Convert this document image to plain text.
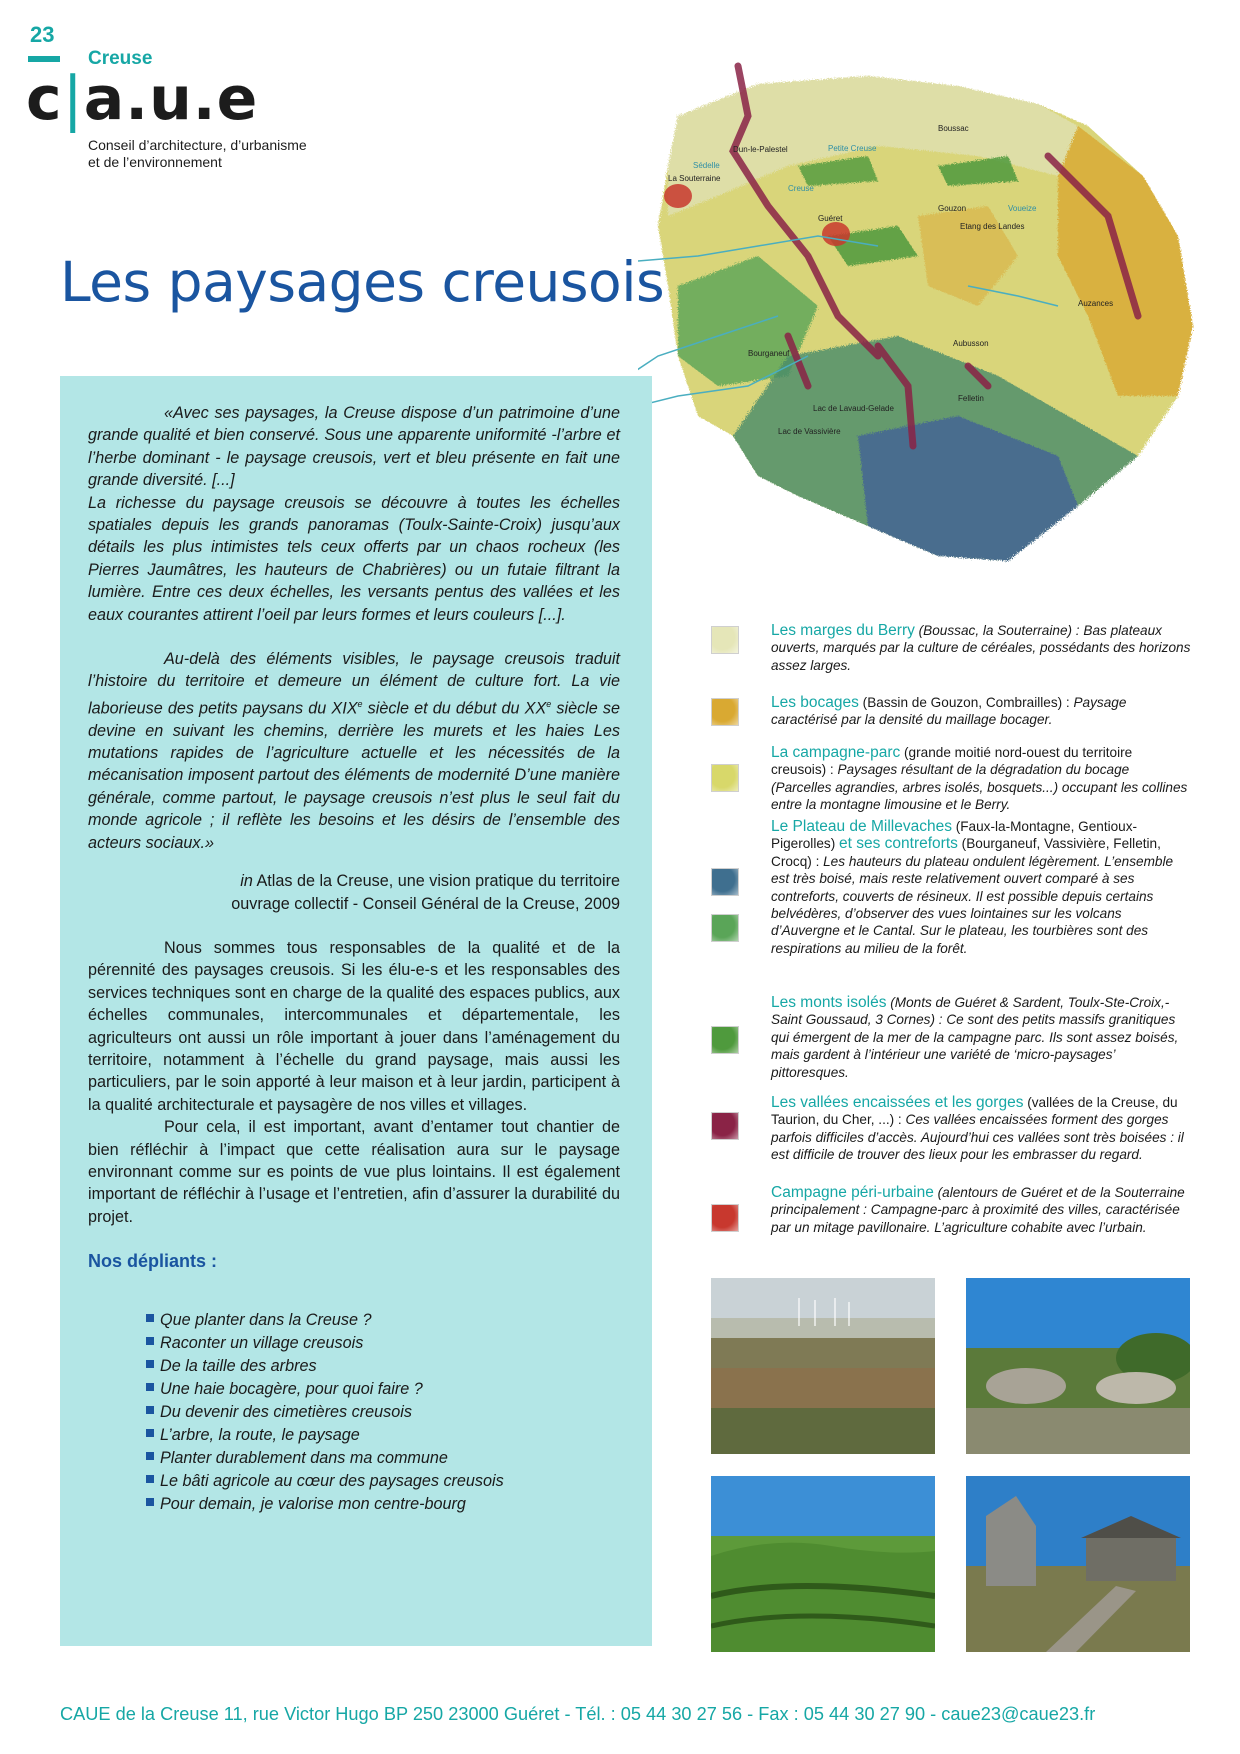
23
Creuse
c|a.u.e
Conseil d’architecture, d’urbanisme
et de l’environnement
Les paysages creusois
Boussac
Dun-le-Palestel
La Souterraine
Guéret
Gouzon
Etang des Landes
Auzances
Aubusson
Felletin
Bourganeuf
Lac de Vassivière
Lac de Lavaud-Gelade
Sédelle
Petite Creuse
Creuse
Voueize

«Avec ses paysages, la Creuse dispose d’un patrimoine d’une grande qualité et bien conservé. Sous une apparente uniformité -l’arbre et l’herbe dominant - le paysage creusois, vert et bleu présente en fait une grande diversité. [...]

La richesse du paysage creusois se découvre à toutes les échelles spatiales depuis les grands panoramas (Toulx-Sainte-Croix) jusqu’aux détails les plus intimistes tels ceux offerts par un chaos rocheux (les Pierres Jaumâtres, les hauteurs de Chabrières) ou un futaie filtrant la lumière. Entre ces deux échelles, les versants pentus des vallées et les eaux courantes attirent l’oeil par leurs formes et leurs couleurs [...].

Au-delà des éléments visibles, le paysage creusois traduit l’histoire du territoire et demeure un élément de culture fort. La vie laborieuse des petits paysans du XIXe siècle et du début du XXe siècle se devine en suivant les chemins, derrière les murets et les haies Les mutations rapides de l’agriculture actuelle et les nécessités de la mécanisation imposent partout des éléments de modernité D’une manière générale, comme partout, le paysage creusois n’est plus le seul fait du monde agricole ; il reflète les besoins et les désirs de l’ensemble des acteurs sociaux.»

in Atlas de la Creuse, une vision pratique du territoire
ouvrage collectif - Conseil Général de la Creuse, 2009

Nous sommes tous responsables de la qualité et de la pérennité des paysages creusois. Si les élu-e-s et les responsables des services techniques sont en charge de la qualité des espaces publics, aux échelles communales, intercommunales et départementale, les agriculteurs ont aussi un rôle important à jouer dans l’aménagement du territoire, notamment à l’échelle du grand paysage, mais aussi les particuliers, par le soin apporté à leur maison et à leur jardin, participent à la qualité architecturale et paysagère de nos villes et villages.

Pour cela, il est important, avant d’entamer tout chantier de bien réfléchir à l’impact que cette réalisation aura sur le paysage environnant comme sur es points de vue plus lointains. Il est également important de réfléchir à l’usage et l’entretien, afin d’assurer la durabilité du projet.

Nos dépliants :
Que planter dans la Creuse ?
Raconter un village creusois
De la taille des arbres
Une haie bocagère, pour quoi faire ?
Du devenir des cimetières creusois
L’arbre, la route, le paysage
Planter durablement dans ma commune
Le bâti agricole au cœur des paysages creusois
Pour demain, je valorise mon centre-bourg
Les marges du Berry (Boussac, la Souterraine) : Bas plateaux ouverts, marqués par la culture de céréales, possédants des horizons assez larges.
Les bocages (Bassin de Gouzon, Combrailles) : Paysage caractérisé par la densité du maillage bocager.
La campagne-parc (grande moitié nord-ouest du territoire creusois) : Paysages résultant de la dégradation du bocage (Parcelles agrandies, arbres isolés, bosquets...) occupant les collines entre la montagne limousine et le Berry.
Le Plateau de Millevaches (Faux-la-Montagne, Gentioux-Pigerolles) et ses contreforts (Bourganeuf, Vassivière, Felletin, Crocq) : Les hauteurs du plateau ondulent légèrement. L’ensemble est très boisé, mais reste relativement ouvert comparé à ses contreforts, couverts de résineux. Il est possible depuis certains belvédères, d’observer des vues lointaines sur les volcans d’Auvergne et le Cantal. Sur le plateau, les tourbières sont des respirations au milieu de la forêt.
Les monts isolés (Monts de Guéret & Sardent, Toulx-Ste-Croix,-Saint Goussaud, 3 Cornes) : Ce sont des petits massifs granitiques qui émergent de la mer de la campagne parc. Ils sont assez boisés, mais gardent à l’intérieur une variété de ‘micro-paysages’ pittoresques.
Les vallées encaissées et les gorges (vallées de la Creuse, du Taurion, du Cher, ...) : Ces vallées encaissées forment des gorges parfois difficiles d’accès. Aujourd’hui ces vallées sont très boisées : il est difficile de trouver des lieux pour les embrasser du regard.
Campagne péri-urbaine (alentours de Guéret et de la Souterraine principalement : Campagne-parc à proximité des villes, caractérisée par un mitage pavillonaire. L’agriculture cohabite avec l’urbain.
CAUE de la Creuse 11, rue Victor Hugo BP 250 23000 Guéret - Tél. : 05 44 30 27 56 - Fax : 05 44 30 27 90 - caue23@caue23.fr
